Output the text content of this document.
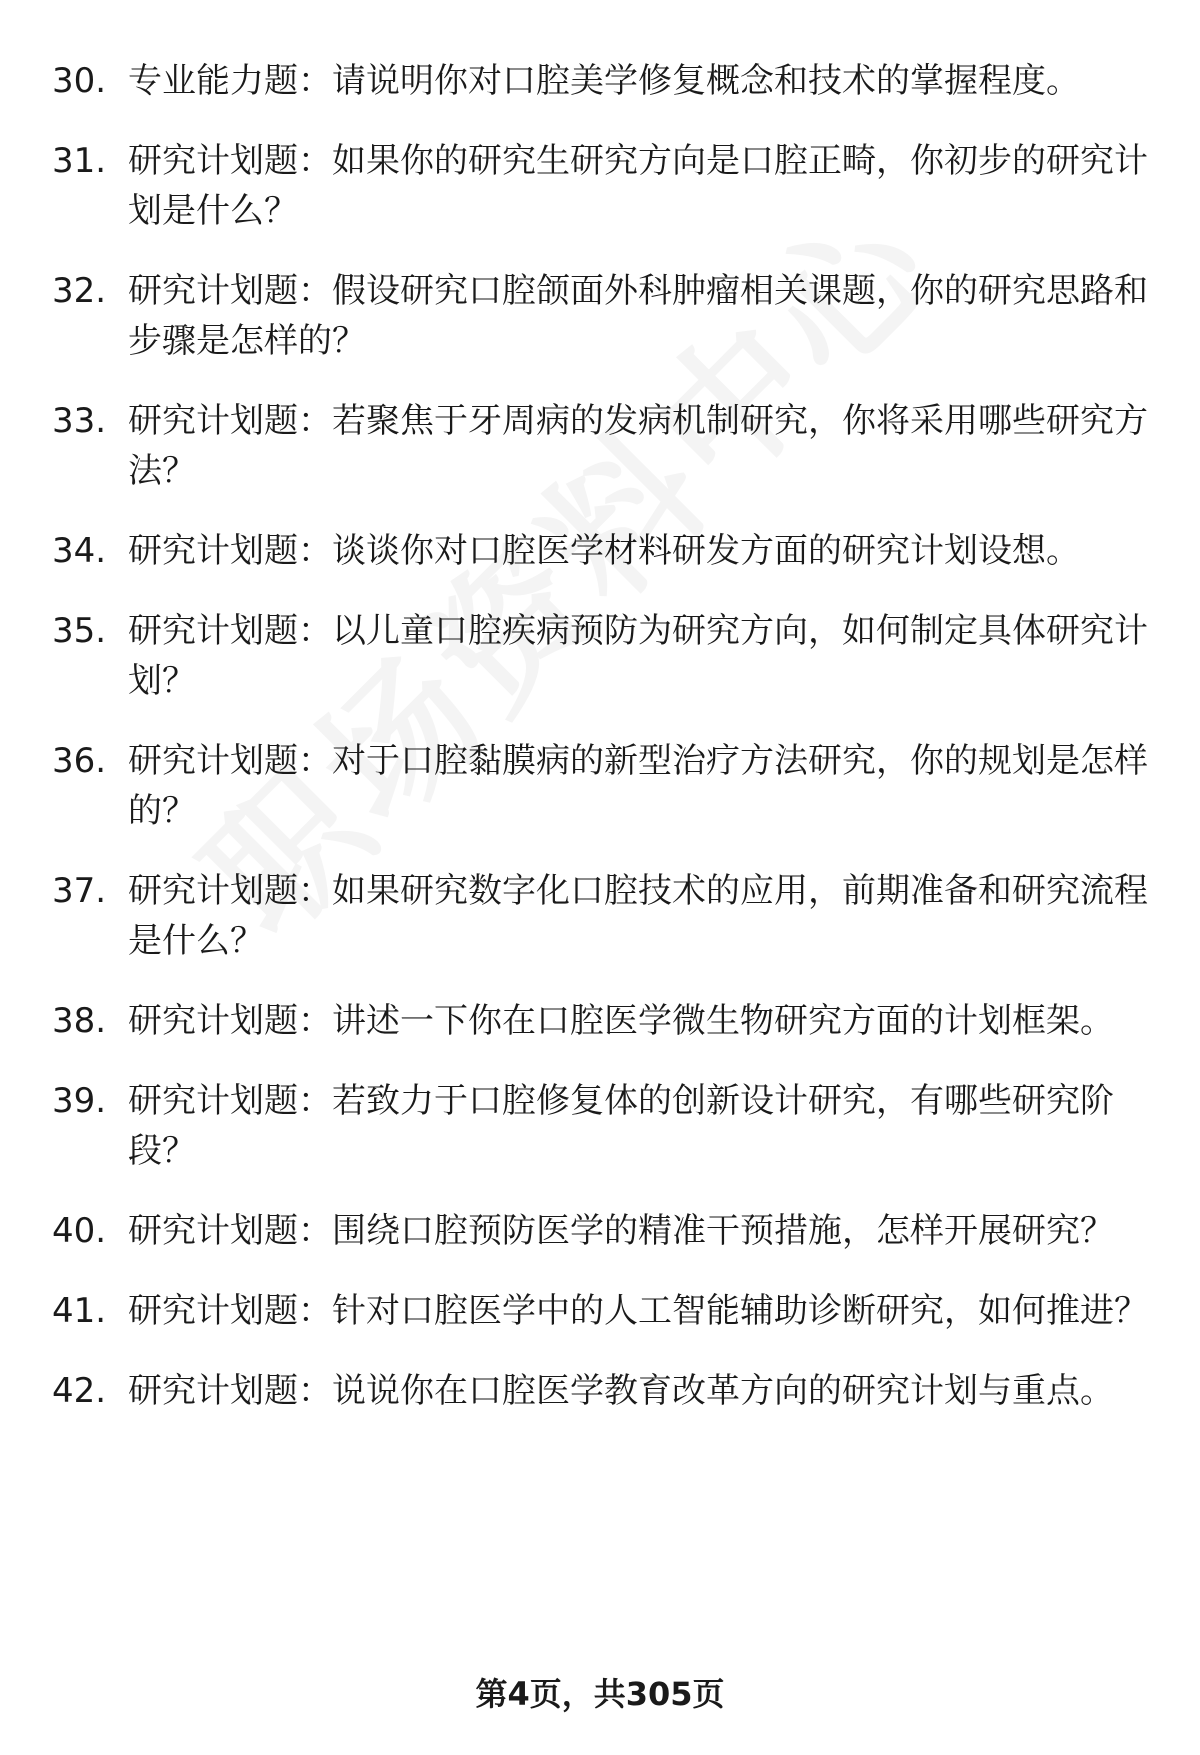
30. 专业能力题：请说明你对口腔美学修复概念和技术的掌握程度。
31. 研究计划题：如果你的研究生研究方向是口腔正畸，你初步的研究计划是什么？
32. 研究计划题：假设研究口腔颌面外科肿瘤相关课题，你的研究思路和步骤是怎样的？
33. 研究计划题：若聚焦于牙周病的发病机制研究，你将采用哪些研究方法？
34. 研究计划题：谈谈你对口腔医学材料研发方面的研究计划设想。
35. 研究计划题：以儿童口腔疾病预防为研究方向，如何制定具体研究计划？
36. 研究计划题：对于口腔黏膜病的新型治疗方法研究，你的规划是怎样的？
37. 研究计划题：如果研究数字化口腔技术的应用，前期准备和研究流程是什么？
38. 研究计划题：讲述一下你在口腔医学微生物研究方面的计划框架。
39. 研究计划题：若致力于口腔修复体的创新设计研究，有哪些研究阶段？
40. 研究计划题：围绕口腔预防医学的精准干预措施，怎样开展研究？
41. 研究计划题：针对口腔医学中的人工智能辅助诊断研究，如何推进？
42. 研究计划题：说说你在口腔医学教育改革方向的研究计划与重点。
第4页，共305页
